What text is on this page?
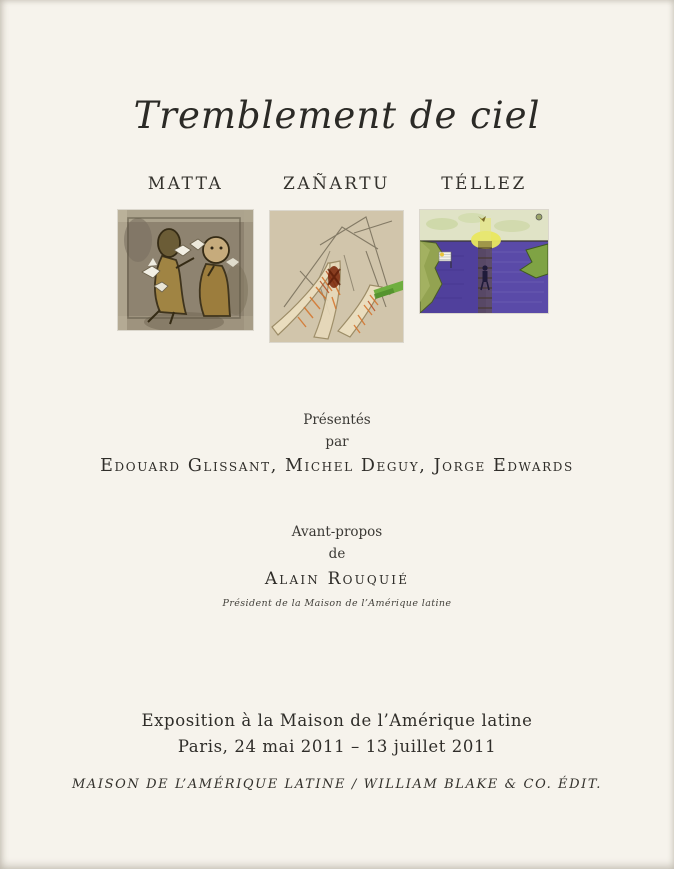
Tremblement de ciel
MATTA	ZAÑARTU	TÉLLEZ
Présentés
par
Edouard Glissant, Michel Deguy, Jorge Edwards
Avant-propos
de
Alain Rouquié
Président de la Maison de l’Amérique latine
Exposition à la Maison de l’Amérique latine
Paris, 24 mai 2011 – 13 juillet 2011
MAISON DE L’AMÉRIQUE LATINE / WILLIAM BLAKE & CO. ÉDIT.
